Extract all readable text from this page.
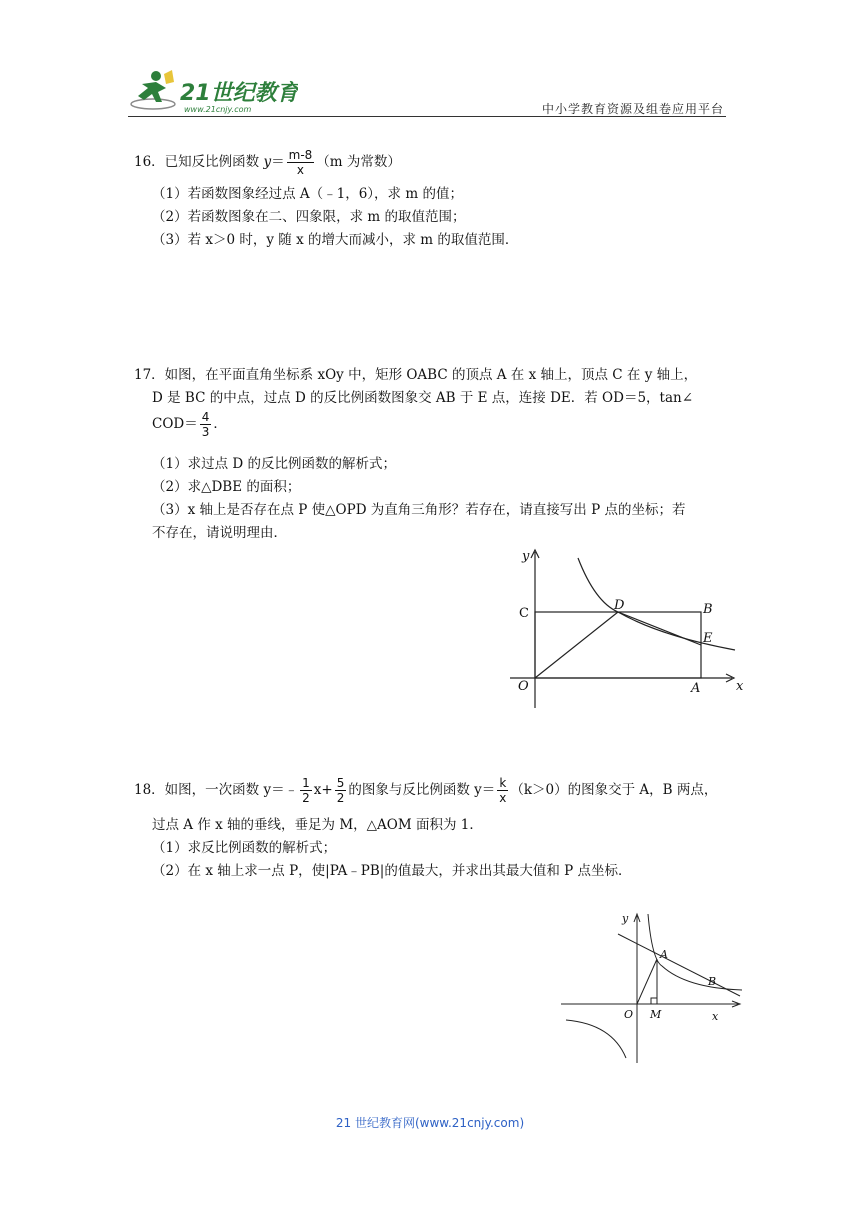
21世纪教育
www.21cnjy.com	中小学教育资源及组卷应用平台
16．已知反比例函数 $y= \frac{m-8}{x} (m$ 为常数）
（1）若函数图象经过点 A（﹣1，6），求 m 的值；
（2）若函数图象在二、四象限，求 m 的取值范围；
（3）若 x＞0 时，y 随 x 的增大而减小，求 m 的取值范围．
17．如图，在平面直角坐标系 xOy 中，矩形 OABC 的顶点 A 在 x 轴上，顶点 C 在 y 轴上，
D 是 BC 的中点，过点 D 的反比例函数图象交 AB 于 E 点，连接 DE．若 OD＝5，tan∠
$COD= \frac{4}{3}$ ．
（1）求过点 D 的反比例函数的解析式；
（2）求△DBE 的面积；
（3）x 轴上是否存在点 P 使△OPD 为直角三角形？若存在，请直接写出 P 点的坐标；若
不存在，请说明理由．
y
x
C
D	B
E
O	A
18．如图，一次函数 y＝﹣ $\frac{1}{2} x+ \frac{5}{2}$ 的图象与反比例函数 $y= \frac{k}{x} (k>0)$的图象交于 A，B 两点，
过点 A 作 x 轴的垂线，垂足为 M，△AOM 面积为 1．
（1）求反比例函数的解析式；
（2）在 x 轴上求一点 P，使|PA﹣PB|的值最大，并求出其最大值和 P 点坐标．
y
x
A
B
O M
21 世纪教育网(www.21cnjy.com)
